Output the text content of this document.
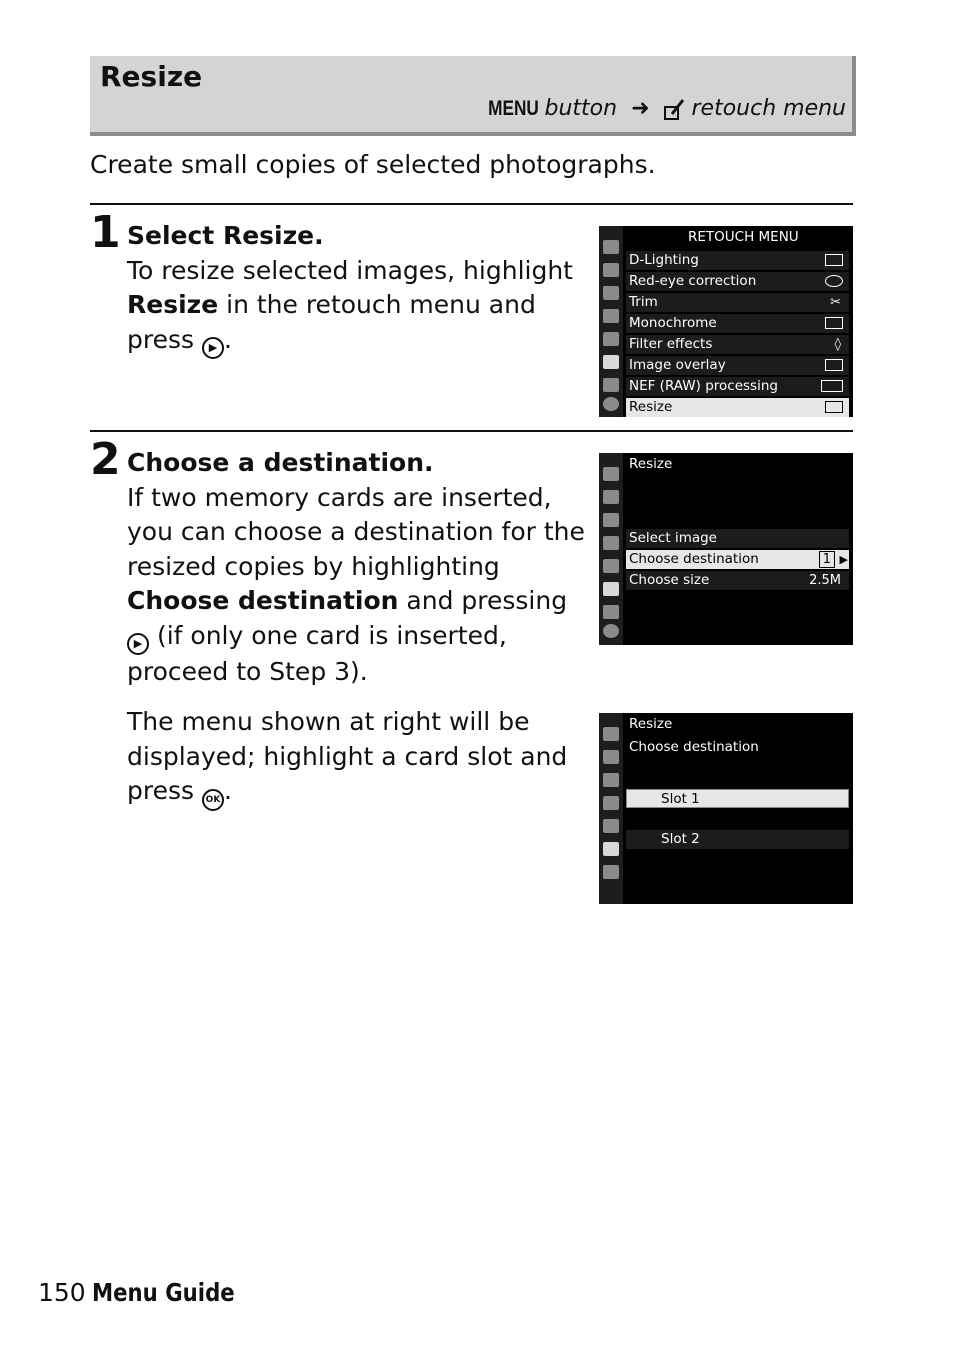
Resize
MENU button ➜ retouch menu
Create small copies of selected photographs.
1 Select Resize.
To resize selected images, highlight Resize in the retouch menu and press ▶ .
RETOUCH MENU
D-Lighting
Red-eye correction
Trim	✂
Monochrome
Filter effects	◊
Image overlay
NEF (RAW) processing
Resize
2 Choose a destination.
If two memory cards are inserted, you can choose a destination for the resized copies by highlighting Choose destination and pressing ▶ (if only one card is inserted, proceed to Step 3).
Resize
Select image
Choose destination	1 ▶
Choose size	2.5M
The menu shown at right will be displayed; highlight a card slot and press OK .
Resize
Choose destination
Slot 1
Slot 2
150 Menu Guide
